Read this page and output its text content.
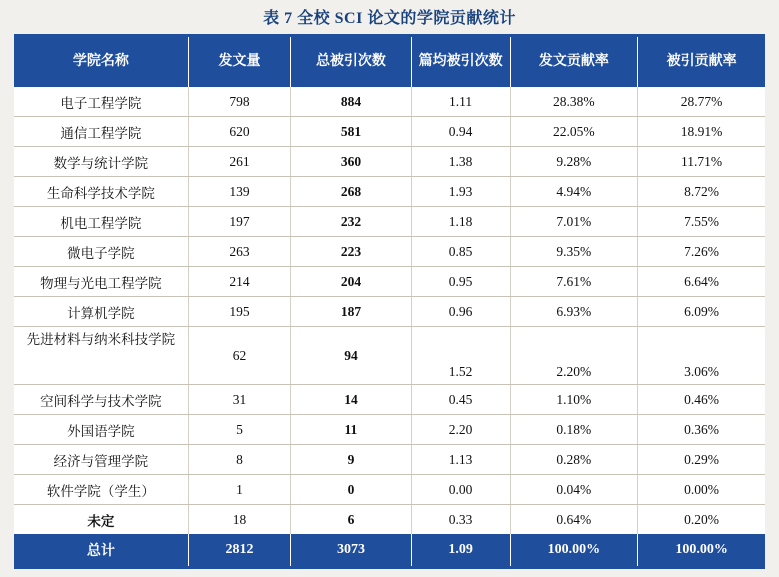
表 7 全校 SCI 论文的学院贡献统计
学院名称	发文量	总被引次数	篇均被引次数	发文贡献率	被引贡献率
电子工程学院	798	884	1.11	28.38%	28.77%
通信工程学院	620	581	0.94	22.05%	18.91%
数学与统计学院	261	360	1.38	9.28%	11.71%
生命科学技术学院	139	268	1.93	4.94%	8.72%
机电工程学院	197	232	1.18	7.01%	7.55%
微电子学院	263	223	0.85	9.35%	7.26%
物理与光电工程学院	214	204	0.95	7.61%	6.64%
计算机学院	195	187	0.96	6.93%	6.09%
先进材料与纳米科技学院	62	94	1.52	2.20%	3.06%
空间科学与技术学院	31	14	0.45	1.10%	0.46%
外国语学院	5	11	2.20	0.18%	0.36%
经济与管理学院	8	9	1.13	0.28%	0.29%
软件学院（学生）	1	0	0.00	0.04%	0.00%
未定	18	6	0.33	0.64%	0.20%
总计	2812	3073	1.09	100.00%	100.00%
